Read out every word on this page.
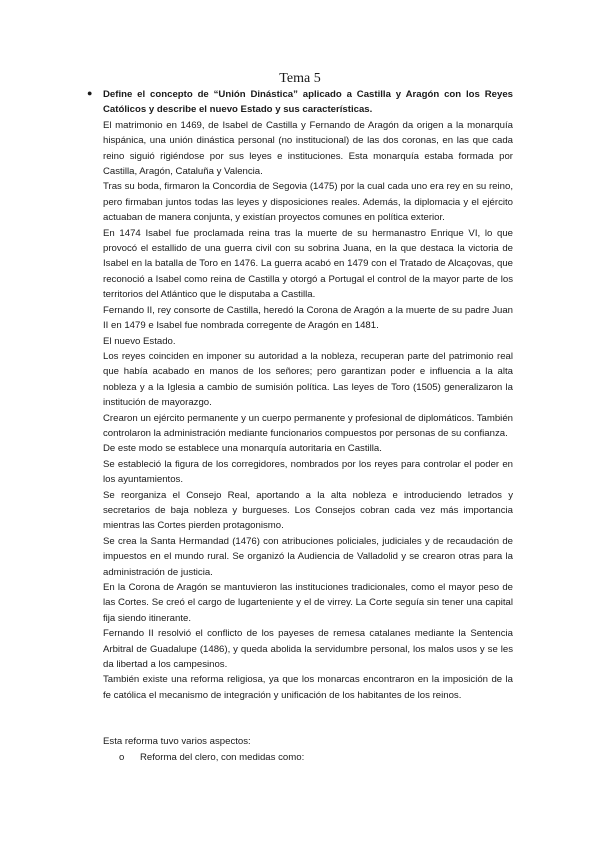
Tema 5
● Define el concepto de “Unión Dinástica” aplicado a Castilla y Aragón con los Reyes Católicos y describe el nuevo Estado y sus características.

El matrimonio en 1469, de Isabel de Castilla y Fernando de Aragón da origen a la monarquía hispánica, una unión dinástica personal (no institucional) de las dos coronas, en las que cada reino siguió rigiéndose por sus leyes e instituciones. Esta monarquía estaba formada por Castilla, Aragón, Cataluña y Valencia.

Tras su boda, firmaron la Concordia de Segovia (1475) por la cual cada uno era rey en su reino, pero firmaban juntos todas las leyes y disposiciones reales. Además, la diplomacia y el ejército actuaban de manera conjunta, y existían proyectos comunes en política exterior.

En 1474 Isabel fue proclamada reina tras la muerte de su hermanastro Enrique VI, lo que provocó el estallido de una guerra civil con su sobrina Juana, en la que destaca la victoria de Isabel en la batalla de Toro en 1476. La guerra acabó en 1479 con el Tratado de Alcaçovas, que reconoció a Isabel como reina de Castilla y otorgó a Portugal el control de la mayor parte de los territorios del Atlántico que le disputaba a Castilla.

Fernando II, rey consorte de Castilla, heredó la Corona de Aragón a la muerte de su padre Juan II en 1479 e Isabel fue nombrada corregente de Aragón en 1481.

El nuevo Estado.

Los reyes coinciden en imponer su autoridad a la nobleza, recuperan parte del patrimonio real que había acabado en manos de los señores; pero garantizan poder e influencia a la alta nobleza y a la Iglesia a cambio de sumisión política. Las leyes de Toro (1505) generalizaron la institución de mayorazgo.

Crearon un ejército permanente y un cuerpo permanente y profesional de diplomáticos. También controlaron la administración mediante funcionarios compuestos por personas de su confianza.

De este modo se establece una monarquía autoritaria en Castilla.

Se estableció la figura de los corregidores, nombrados por los reyes para controlar el poder en los ayuntamientos.

Se reorganiza el Consejo Real, aportando a la alta nobleza e introduciendo letrados y secretarios de baja nobleza y burgueses. Los Consejos cobran cada vez más importancia mientras las Cortes pierden protagonismo.

Se crea la Santa Hermandad (1476) con atribuciones policiales, judiciales y de recaudación de impuestos en el mundo rural. Se organizó la Audiencia de Valladolid y se crearon otras para la administración de justicia.

En la Corona de Aragón se mantuvieron las instituciones tradicionales, como el mayor peso de las Cortes. Se creó el cargo de lugarteniente y el de virrey. La Corte seguía sin tener una capital fija siendo itinerante.

Fernando II resolvió el conflicto de los payeses de remesa catalanes mediante la Sentencia Arbitral de Guadalupe (1486), y queda abolida la servidumbre personal, los malos usos y se les da libertad a los campesinos.

También existe una reforma religiosa, ya que los monarcas encontraron en la imposición de la fe católica el mecanismo de integración y unificación de los habitantes de los reinos.

Esta reforma tuvo varios aspectos:

o Reforma del clero, con medidas como:
